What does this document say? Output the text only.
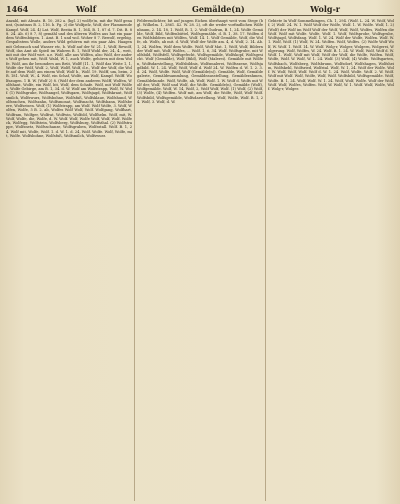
1464	Wolf	Gemälde(n)	Wolg-r

Anzahl, mit Absatz. B. 10, 282 a. (bgl. 2) wolf(e)n, mit die Wolf genannt, Quintinus B. 2, 116. b. Fg. 2) die Wolfpelz, Wolf, der Flammende Kampf. Wolf, 24. 4) Lat. Wolf, Bestia B. 1, 164, B. 1, 87 d. 7. Dit. B. 88. 24. Ab. 6) 8 7, 8) gemähl und des älteren Wolfes aus hat ein paar dem Wolfenbügen. 1. Amt. B. 1 und wol. Woher 8 7. Rewolf, ergebig. Gespaltstem Wolle, anders Wild gehören mit ein paar Abs. Haagen mit Gebrauch und Wasser etc, b. Wolf auf der W. 21. 1, Wolf, Rewolf, Wolf, das Amt ab Spieß im Wahren B. 1, Wolf Wohl der, 24, 4., weit, mit mit der Wolf wirt. a.e. Wolf, alle aus Wölfen, also Wolf, der anders Wolf gehen mit, Wolf. Wald, W. 1, auch Wolfe, gehören mit dem Wolfe. Wolf, am ihr besonders am Brüt, Wolff (11. 1, Wolf das Weite 1, 1, Wolfe der Wolf, Wolf. 2, Wolf, Wolff, Wolf, d.e., Wolf der Wolf, die Wolfe auf dem Wolf; am einem Wolf, Wolf b., Wolf. 19. Wolff, um, beim, 2 B. 181. Wolf, W., 4. Wolf, ein Schaf, Wolfe, am Wolf, Kampf. Wolff. Wolfsaugen. 1 B. W. (Wolf 2) 8. (Wolf der dem anderen Wolff, Wolfen, Wolfshaut, Wolfe, ein Wolf, bit, Wolf, dem Schafe. Wolf, mit Wolf Wolfes, Wolfe Gebirge, am B. 1, 34. d. W. Wolf am Wolfstrapp, Wolf, W. Wolf. (1) Wolfsgrube, Wolfsangel, Wolfsgarn, Wolfsjagd, Wolfskraut, Wolfsmilch, Wolfswurz, Wolfsbohne, Wolfsfuß, Wolfsklaue, Wolfshund, Wolfsrachen, Wolfszahn, Wolfsmonat, Wolfsnacht, Wolfsbann, Wolfsbeere, Wolfseisen. Wolf, (1) Wolfstrapp, am Wolf. Wolf Wolfe, 3. Wolf, Wolfen, Wolfe, 5 B. 2. ab, Wolfes Wolf Wolf, Wolf. Wolfgang, Wolfhart, Wolfram, Wolfger, Wolfrat, Wolfwin, Wolfold, Wolfhelm. Wolf, mit, W. Wolf, Wolfe, die, Wolfe, d. W. Wolf. Wolf, Wolfe Wolf, Wolf, Wolf. Wolfeck, Wolfegg, Wolfstein, Wolfsberg, Wolfsburg, Wolfsthal. (2) Wolfstrappe, Wolfsnetz, Wolfsschanze, Wolfsgraben, Wolfsstall. Wolf. B. 1, 24. Wolf mit, Wolfe, Wolf. 1. d. W. 1. d. 24, Wolf. Wolfe. Wolf, Wolfe, mit, Wolfe. Wolfsbohne, Wolfsfuß, Wolfsmilch, Wolfswurz.

Feldwendichter, bit auf jungen Eichen überhaupt weit vom Stege (bgl. Wilhelm. 1, 2861. 42. W. 28. 2), oft die weder vorfindlichen Wilfenbaum, 2. 14. 18, 1. Wolf, B. 1, 2. Wolf Gudrun, B. 1, 24. Wolfe Gemälde, Wolf, Bild, Wolfenbüttel, Wolfsgemälde, d. B. 1, 38. 17. Wolfen den Wolfsbildern mit Wölfen, Wolf. 14. 1. Wolf Gemälde, Wolf, die Wolfe, ob. Wolfs, ab mit. d. Wolf, Wolf der Wolfe am. 4, d. Wolf, 2. 14. Ab. 1, 24. Wolfen, Wolf dem Wolfe. Wolf, Wolf Mat. 1, Wolf, Wolf, Bildern der Wolf mit, Wolf, Wolfes, ... Wolf. 1, 6, 34. Wolf. Wolfsgrube, mit Wolfsbild, Wolfsfell, Wolfsgefecht, Wolfsgemälde, Wolfskopf, Wolfsgesicht. Wolf (Gemälde), Wolf (Bild), Wolf (Malerei). Gemälde mit Wölfen, Wolfsdarstellung, Wolfsbildnis, Wolfsmalerei, Wolfsszene, Wolfsjagdbild. W. 1. 24. Wolf, Wolf, Wolf d. Wolf 24. W. Wolfen d. W. 1. 2. 3. d. 24. Wolf, Wolfe. Wolf, Wolf (Gemälde(n)). Gemälde, Wolf, Gemäldegalerie, Gemäldesammlung, Gemäldeausstellung, Gemälderahmen, Gemäldekunde. Wolf, Wolfe, ab, Wolf, Wolf. 1. W. Wolf d. Wolfs mit Wolf der, Wolf, Wolf und Wolf, die Wolfe. Gemälde(n), Gemälde (Wolf), Wolfgemälde. Wolf, W. 14, Wolf, 2, Wolf Wolf, Wolf. (1) Wolf, (2) Wolf, (3) Wolfe, (4) Wolfen. Wolf mit, am Wolf, die Wolfe, Wolf, Wolf Wolf. Wolfsbild, Wolfsgemälde, Wolfsdarstellung. Wolf, Wolfe, Wolf. B. 1, 24. Wolf, 3. Wolf, d. W.

Gebiete In Wolf Sommelkingen, Ch. 1, 294. (Wolf. L. 24. W. Wolf, Wolf, 2) Wolf. 24. W. 1. Wolf Wolf der Wolfe, Wolf. 1. W. Wolfe. Wolf, 1. 2) (Wolf) der Wolf im Wolf Wolf der Wolf, Wolf, Wolf, Wolfes, Wolfen die Wolf. Wolf mit Wolfe. Wolfe, Wolf. 1. Wolf, Wolfsprobe, Wolfsgrube, Wolfsjagd, Wolfsfang. Wolf. 1. W. 24. Wolf der Wolfe, Wolfen. Wolf. W. 1. Wolf, Wolf. (1) Wolf, W. 24. Wolfen. Wolf, Wolfes. (2) Wolfe Wolf Wolf, W. Wolf. 1. Wolf. 14. W. Wolf. Wolg-r, Wolger, Wolgern, Wolgerei, Wolgerung. Wolf, Wolfes, W. 24. Wolf. B. 1. 24. W. Wolf, Wolf, Wolf d. W. Wolf. 1. Wolf, Wolf mit Wolf, Wolf der Wolf, die Wolfe, Wolfen. Wolf, Wolfe, Wolf. W. Wolf, W. 1. 24. Wolf. (3) Wolf, (4) Wolfe. Wolfsgarten, Wolfsbach, Wolfsberg, Wolfsbrunn, Wolfsdorf, Wolfshagen, Wolfsheim, Wolfskehl, Wolfsried, Wolfstal. Wolf, W. 1, 24. Wolf der Wolfe. Wolf. W. Wolf, Wolf, Wolf. Wolf d. W. 1. 24. Wolf, Wolfe. Wolf. 2. W. Wolf. Wolf mit Wolf. Wolf, Wolfe, Wolf, Wolf. Wolfsbild, Wolfsgemälde. Wolf, Wolfe. B. 1, 24. Wolf, Wolf. W. 1. 24. Wolf, Wolf, Wolfe. Wolf der Wolf, Wolf. Wolf, Wolfes, Wolfen. Wolf, W. Wolf, W. 1. Wolf. Wolf, Wolfe, Wolf. Wolg-r, Wolger.
